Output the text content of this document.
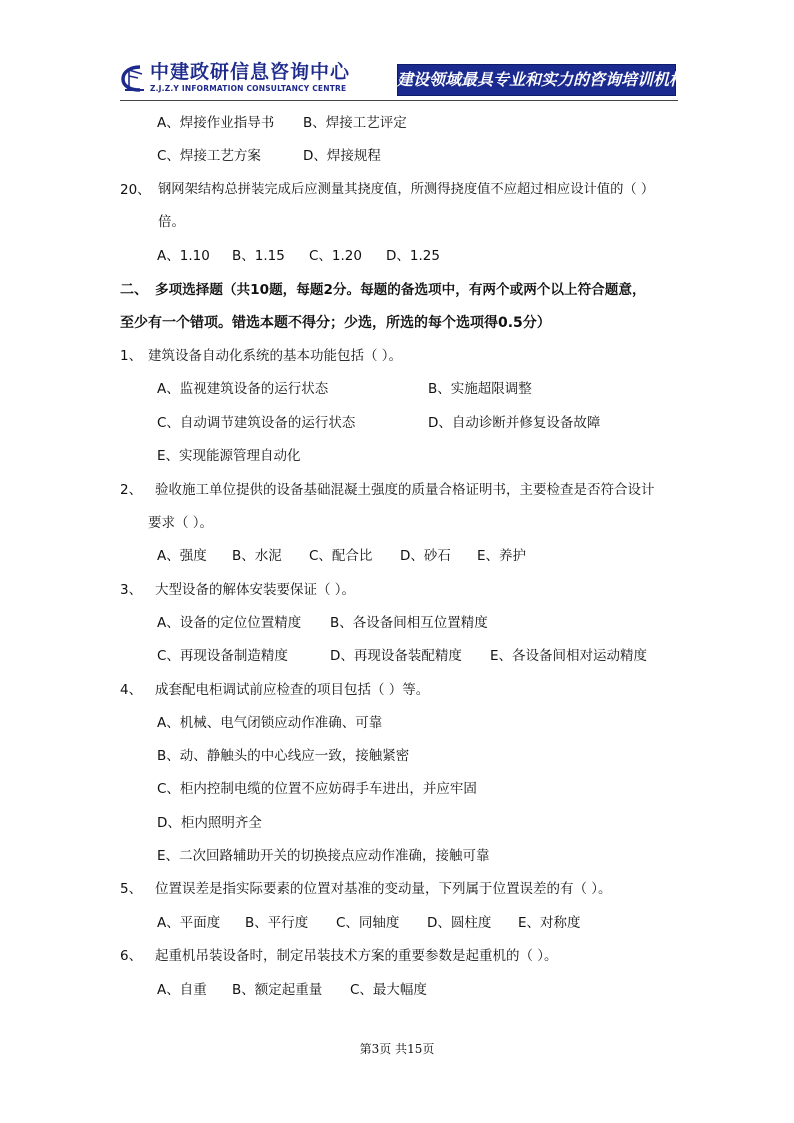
中建政研信息咨询中心
Z.J.Z.Y INFORMATION CONSULTANCY CENTRE	建设领域最具专业和实力的咨询培训机构
A、焊接作业指导书 B、焊接工艺评定
C、焊接工艺方案	D、焊接规程
20、 钢网架结构总拼装完成后应测量其挠度值，所测得挠度值不应超过相应设计值的（ ）
倍。
A、1.10 B、1.15 C、1.20 D、1.25
二、 多项选择题（共10题，每题2分。每题的备选项中，有两个或两个以上符合题意，
至少有一个错项。错选本题不得分；少选，所选的每个选项得0.5分）
1、 建筑设备自动化系统的基本功能包括（ ）。
A、监视建筑设备的运行状态	B、实施超限调整
C、自动调节建筑设备的运行状态	D、自动诊断并修复设备故障
E、实现能源管理自动化
2、 验收施工单位提供的设备基础混凝土强度的质量合格证明书，主要检查是否符合设计
要求（ ）。
A、强度 B、水泥 C、配合比 D、砂石 E、养护
3、 大型设备的解体安装要保证（ ）。
A、设备的定位位置精度 B、各设备间相互位置精度
C、再现设备制造精度	D、再现设备装配精度 E、各设备间相对运动精度
4、 成套配电柜调试前应检查的项目包括（ ）等。
A、机械、电气闭锁应动作准确、可靠
B、动、静触头的中心线应一致，接触紧密
C、柜内控制电缆的位置不应妨碍手车进出，并应牢固
D、柜内照明齐全
E、二次回路辅助开关的切换接点应动作准确，接触可靠
5、 位置误差是指实际要素的位置对基准的变动量，下列属于位置误差的有（ ）。
A、平面度 B、平行度 C、同轴度 D、圆柱度 E、对称度
6、 起重机吊装设备时，制定吊装技术方案的重要参数是起重机的（ ）。
A、自重 B、额定起重量 C、最大幅度
第3页 共15页
